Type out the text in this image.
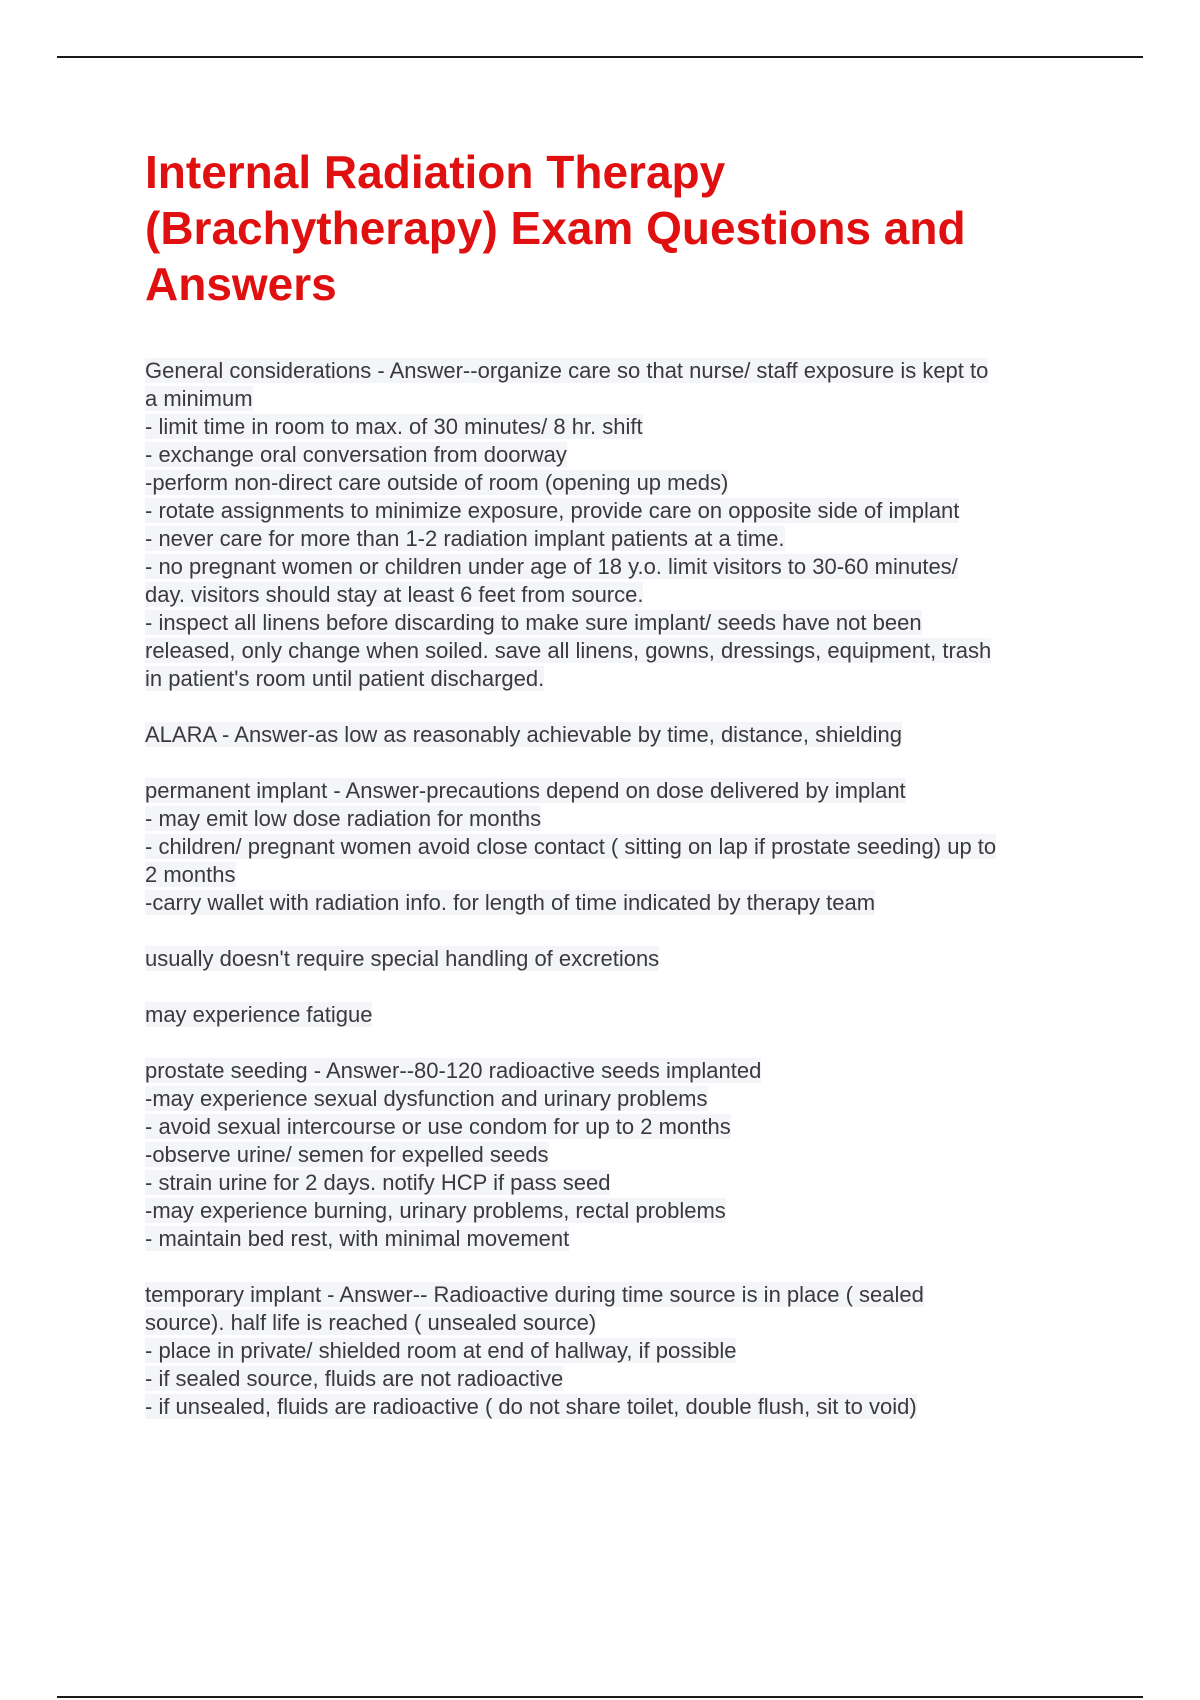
Internal Radiation Therapy
(Brachytherapy) Exam Questions and
Answers
General considerations - Answer--organize care so that nurse/ staff exposure is kept to
a minimum
- limit time in room to max. of 30 minutes/ 8 hr. shift
- exchange oral conversation from doorway
-perform non-direct care outside of room (opening up meds)
- rotate assignments to minimize exposure, provide care on opposite side of implant
- never care for more than 1-2 radiation implant patients at a time.
- no pregnant women or children under age of 18 y.o. limit visitors to 30-60 minutes/
day. visitors should stay at least 6 feet from source.
- inspect all linens before discarding to make sure implant/ seeds have not been
released, only change when soiled. save all linens, gowns, dressings, equipment, trash
in patient's room until patient discharged.
ALARA - Answer-as low as reasonably achievable by time, distance, shielding
permanent implant - Answer-precautions depend on dose delivered by implant
- may emit low dose radiation for months
- children/ pregnant women avoid close contact ( sitting on lap if prostate seeding) up to
2 months
-carry wallet with radiation info. for length of time indicated by therapy team
usually doesn't require special handling of excretions
may experience fatigue
prostate seeding - Answer--80-120 radioactive seeds implanted
-may experience sexual dysfunction and urinary problems
- avoid sexual intercourse or use condom for up to 2 months
-observe urine/ semen for expelled seeds
- strain urine for 2 days. notify HCP if pass seed
-may experience burning, urinary problems, rectal problems
- maintain bed rest, with minimal movement
temporary implant - Answer-- Radioactive during time source is in place ( sealed
source). half life is reached ( unsealed source)
- place in private/ shielded room at end of hallway, if possible
- if sealed source, fluids are not radioactive
- if unsealed, fluids are radioactive ( do not share toilet, double flush, sit to void)
